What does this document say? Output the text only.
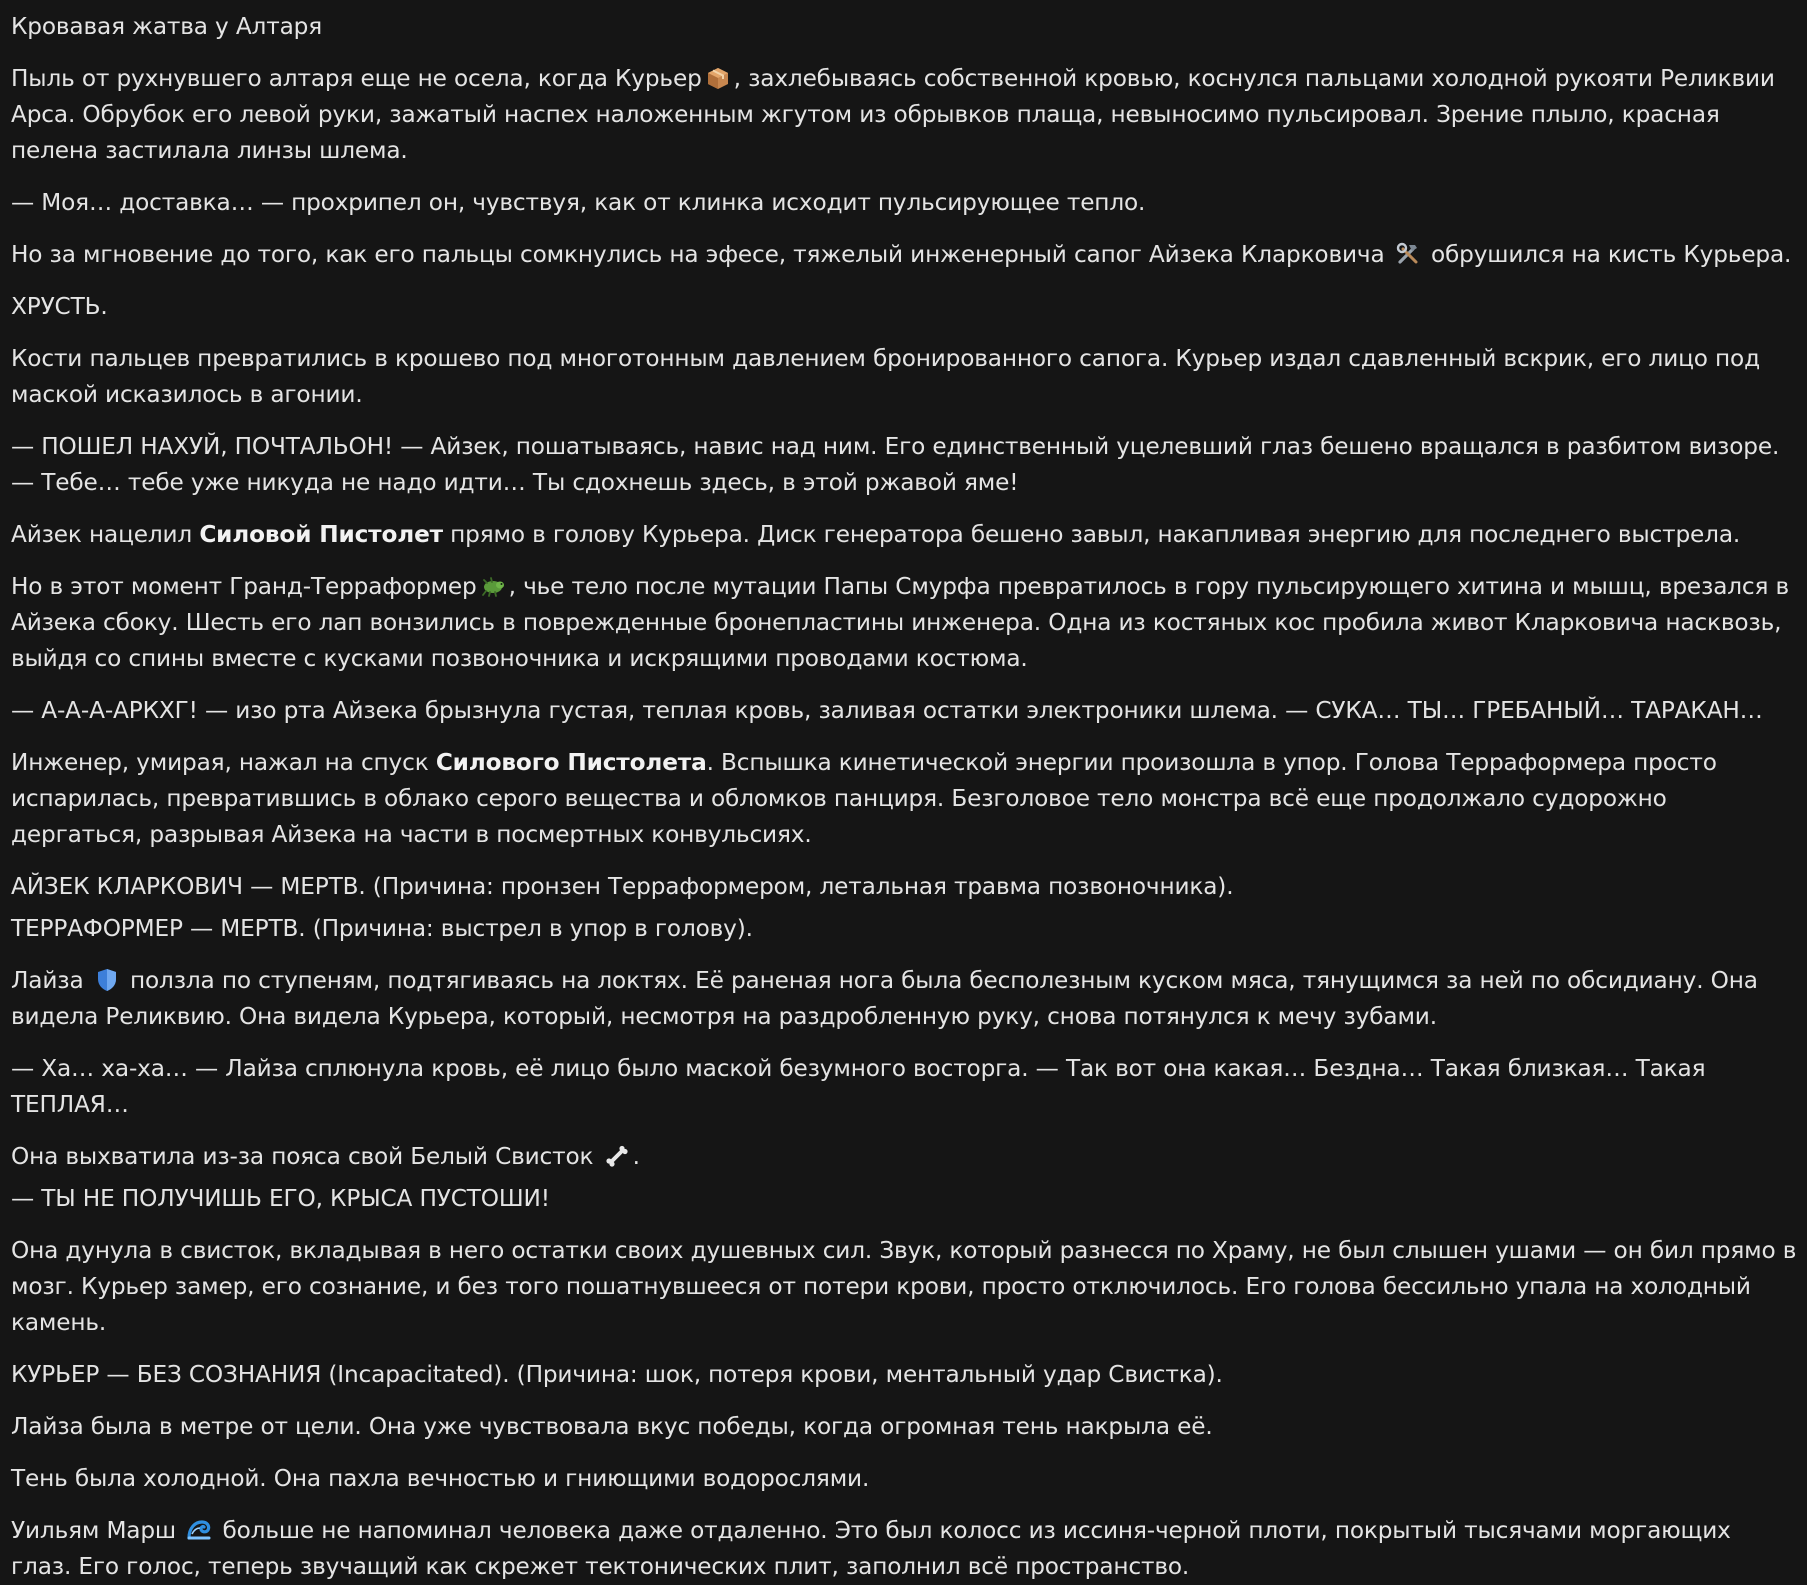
Кровавая жатва у Алтаря

Пыль от рухнувшего алтаря еще не осела, когда Курьер , захлебываясь собственной кровью, коснулся пальцами холодной рукояти Реликвии Арса. Обрубок его левой руки, зажатый наспех наложенным жгутом из обрывков плаща, невыносимо пульсировал. Зрение плыло, красная пелена застилала линзы шлема.

— Моя… доставка… — прохрипел он, чувствуя, как от клинка исходит пульсирующее тепло.

Но за мгновение до того, как его пальцы сомкнулись на эфесе, тяжелый инженерный сапог Айзека Кларковича обрушился на кисть Курьера.

ХРУСТЬ.

Кости пальцев превратились в крошево под многотонным давлением бронированного сапога. Курьер издал сдавленный вскрик, его лицо под маской исказилось в агонии.

— ПОШЕЛ НАХУЙ, ПОЧТАЛЬОН! — Айзек, пошатываясь, навис над ним. Его единственный уцелевший глаз бешено вращался в разбитом визоре. — Тебе… тебе уже никуда не надо идти… Ты сдохнешь здесь, в этой ржавой яме!

Айзек нацелил Силовой Пистолет прямо в голову Курьера. Диск генератора бешено завыл, накапливая энергию для последнего выстрела.

Но в этот момент Гранд-Терраформер , чье тело после мутации Папы Смурфа превратилось в гору пульсирующего хитина и мышц, врезался в Айзека сбоку. Шесть его лап вонзились в поврежденные бронепластины инженера. Одна из костяных кос пробила живот Кларковича насквозь, выйдя со спины вместе с кусками позвоночника и искрящими проводами костюма.

— А-А-А-АРКХГ! — изо рта Айзека брызнула густая, теплая кровь, заливая остатки электроники шлема. — СУКА… ТЫ… ГРЕБАНЫЙ… ТАРАКАН…

Инженер, умирая, нажал на спуск Силового Пистолета. Вспышка кинетической энергии произошла в упор. Голова Терраформера просто испарилась, превратившись в облако серого вещества и обломков панциря. Безголовое тело монстра всё еще продолжало судорожно дергаться, разрывая Айзека на части в посмертных конвульсиях.

АЙЗЕК КЛАРКОВИЧ — МЕРТВ. (Причина: пронзен Терраформером, летальная травма позвоночника).

ТЕРРАФОРМЕР — МЕРТВ. (Причина: выстрел в упор в голову).

Лайза ползла по ступеням, подтягиваясь на локтях. Её раненая нога была бесполезным куском мяса, тянущимся за ней по обсидиану. Она видела Реликвию. Она видела Курьера, который, несмотря на раздробленную руку, снова потянулся к мечу зубами.

— Ха… ха-ха… — Лайза сплюнула кровь, её лицо было маской безумного восторга. — Так вот она какая… Бездна… Такая близкая… Такая ТЕПЛАЯ…

Она выхватила из-за пояса свой Белый Свисток .

— ТЫ НЕ ПОЛУЧИШЬ ЕГО, КРЫСА ПУСТОШИ!

Она дунула в свисток, вкладывая в него остатки своих душевных сил. Звук, который разнесся по Храму, не был слышен ушами — он бил прямо в мозг. Курьер замер, его сознание, и без того пошатнувшееся от потери крови, просто отключилось. Его голова бессильно упала на холодный камень.

КУРЬЕР — БЕЗ СОЗНАНИЯ (Incapacitated). (Причина: шок, потеря крови, ментальный удар Свистка).

Лайза была в метре от цели. Она уже чувствовала вкус победы, когда огромная тень накрыла её.

Тень была холодной. Она пахла вечностью и гниющими водорослями.

Уильям Марш больше не напоминал человека даже отдаленно. Это был колосс из иссиня-черной плоти, покрытый тысячами моргающих глаз. Его голос, теперь звучащий как скрежет тектонических плит, заполнил всё пространство.
